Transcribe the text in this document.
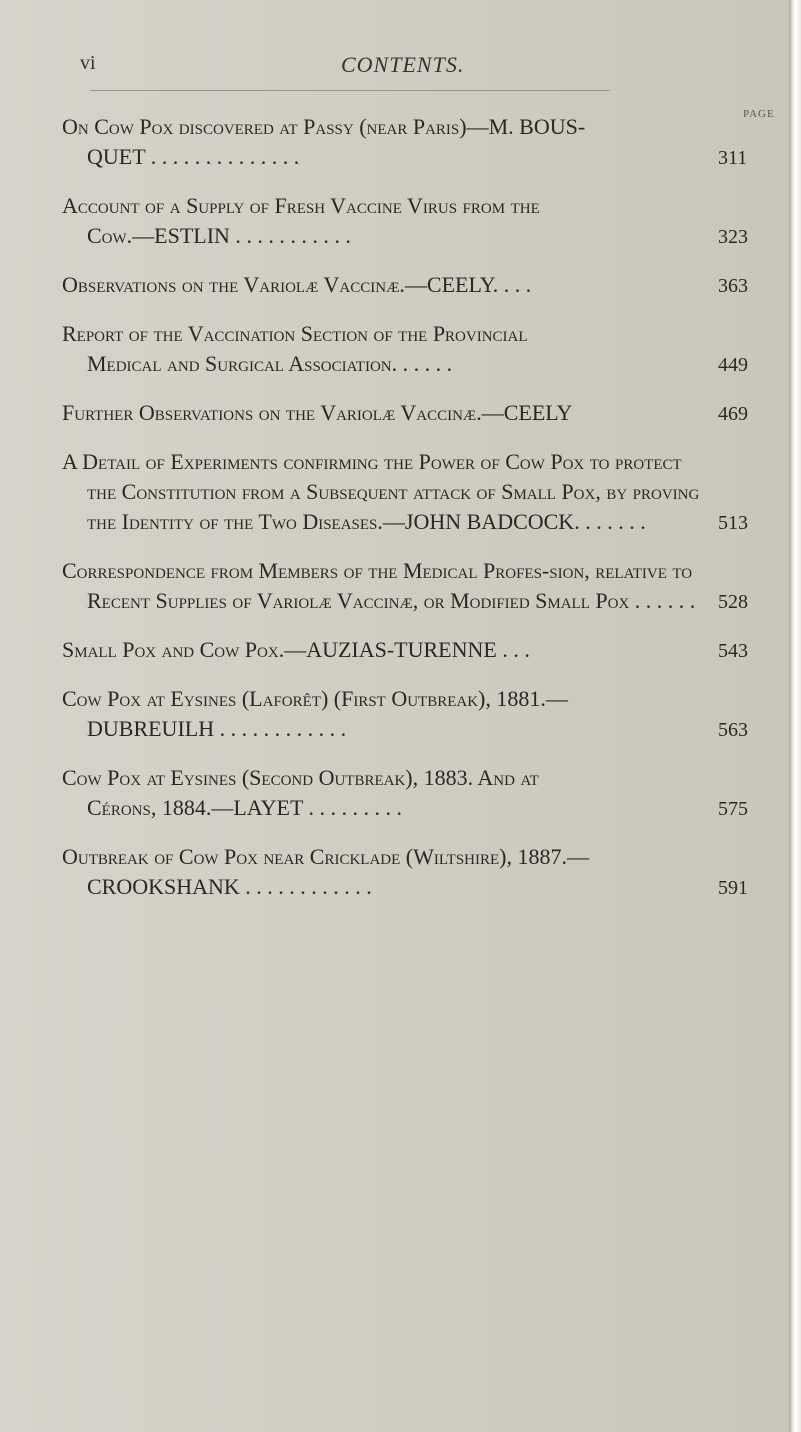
vi	CONTENTS.
PAGE
On Cow Pox discovered at Passy (near Paris)—M. BOUS- QUET . . . . . . . . . . . . . .	311
Account of a Supply of Fresh Vaccine Virus from the Cow.—ESTLIN . . . . . . . . . . .	323
Observations on the Variolæ Vaccinæ.—CEELY. . . .	363
Report of the Vaccination Section of the Provincial Medical and Surgical Association. . . . . .	449
Further Observations on the Variolæ Vaccinæ.—CEELY	469
A Detail of Experiments confirming the Power of Cow Pox to protect the Constitution from a Subsequent attack of Small Pox, by proving the Identity of the Two Diseases.—JOHN BADCOCK. . . . . . .	513
Correspondence from Members of the Medical Profes-sion, relative to Recent Supplies of Variolæ Vaccinæ, or Modified Small Pox . . . . . .	528
Small Pox and Cow Pox.—AUZIAS-TURENNE . . .	543
Cow Pox at Eysines (Laforêt) (First Outbreak), 1881.— DUBREUILH . . . . . . . . . . . .	563
Cow Pox at Eysines (Second Outbreak), 1883. And at Cérons, 1884.—LAYET . . . . . . . . .	575
Outbreak of Cow Pox near Cricklade (Wiltshire), 1887.— CROOKSHANK . . . . . . . . . . . .	591
